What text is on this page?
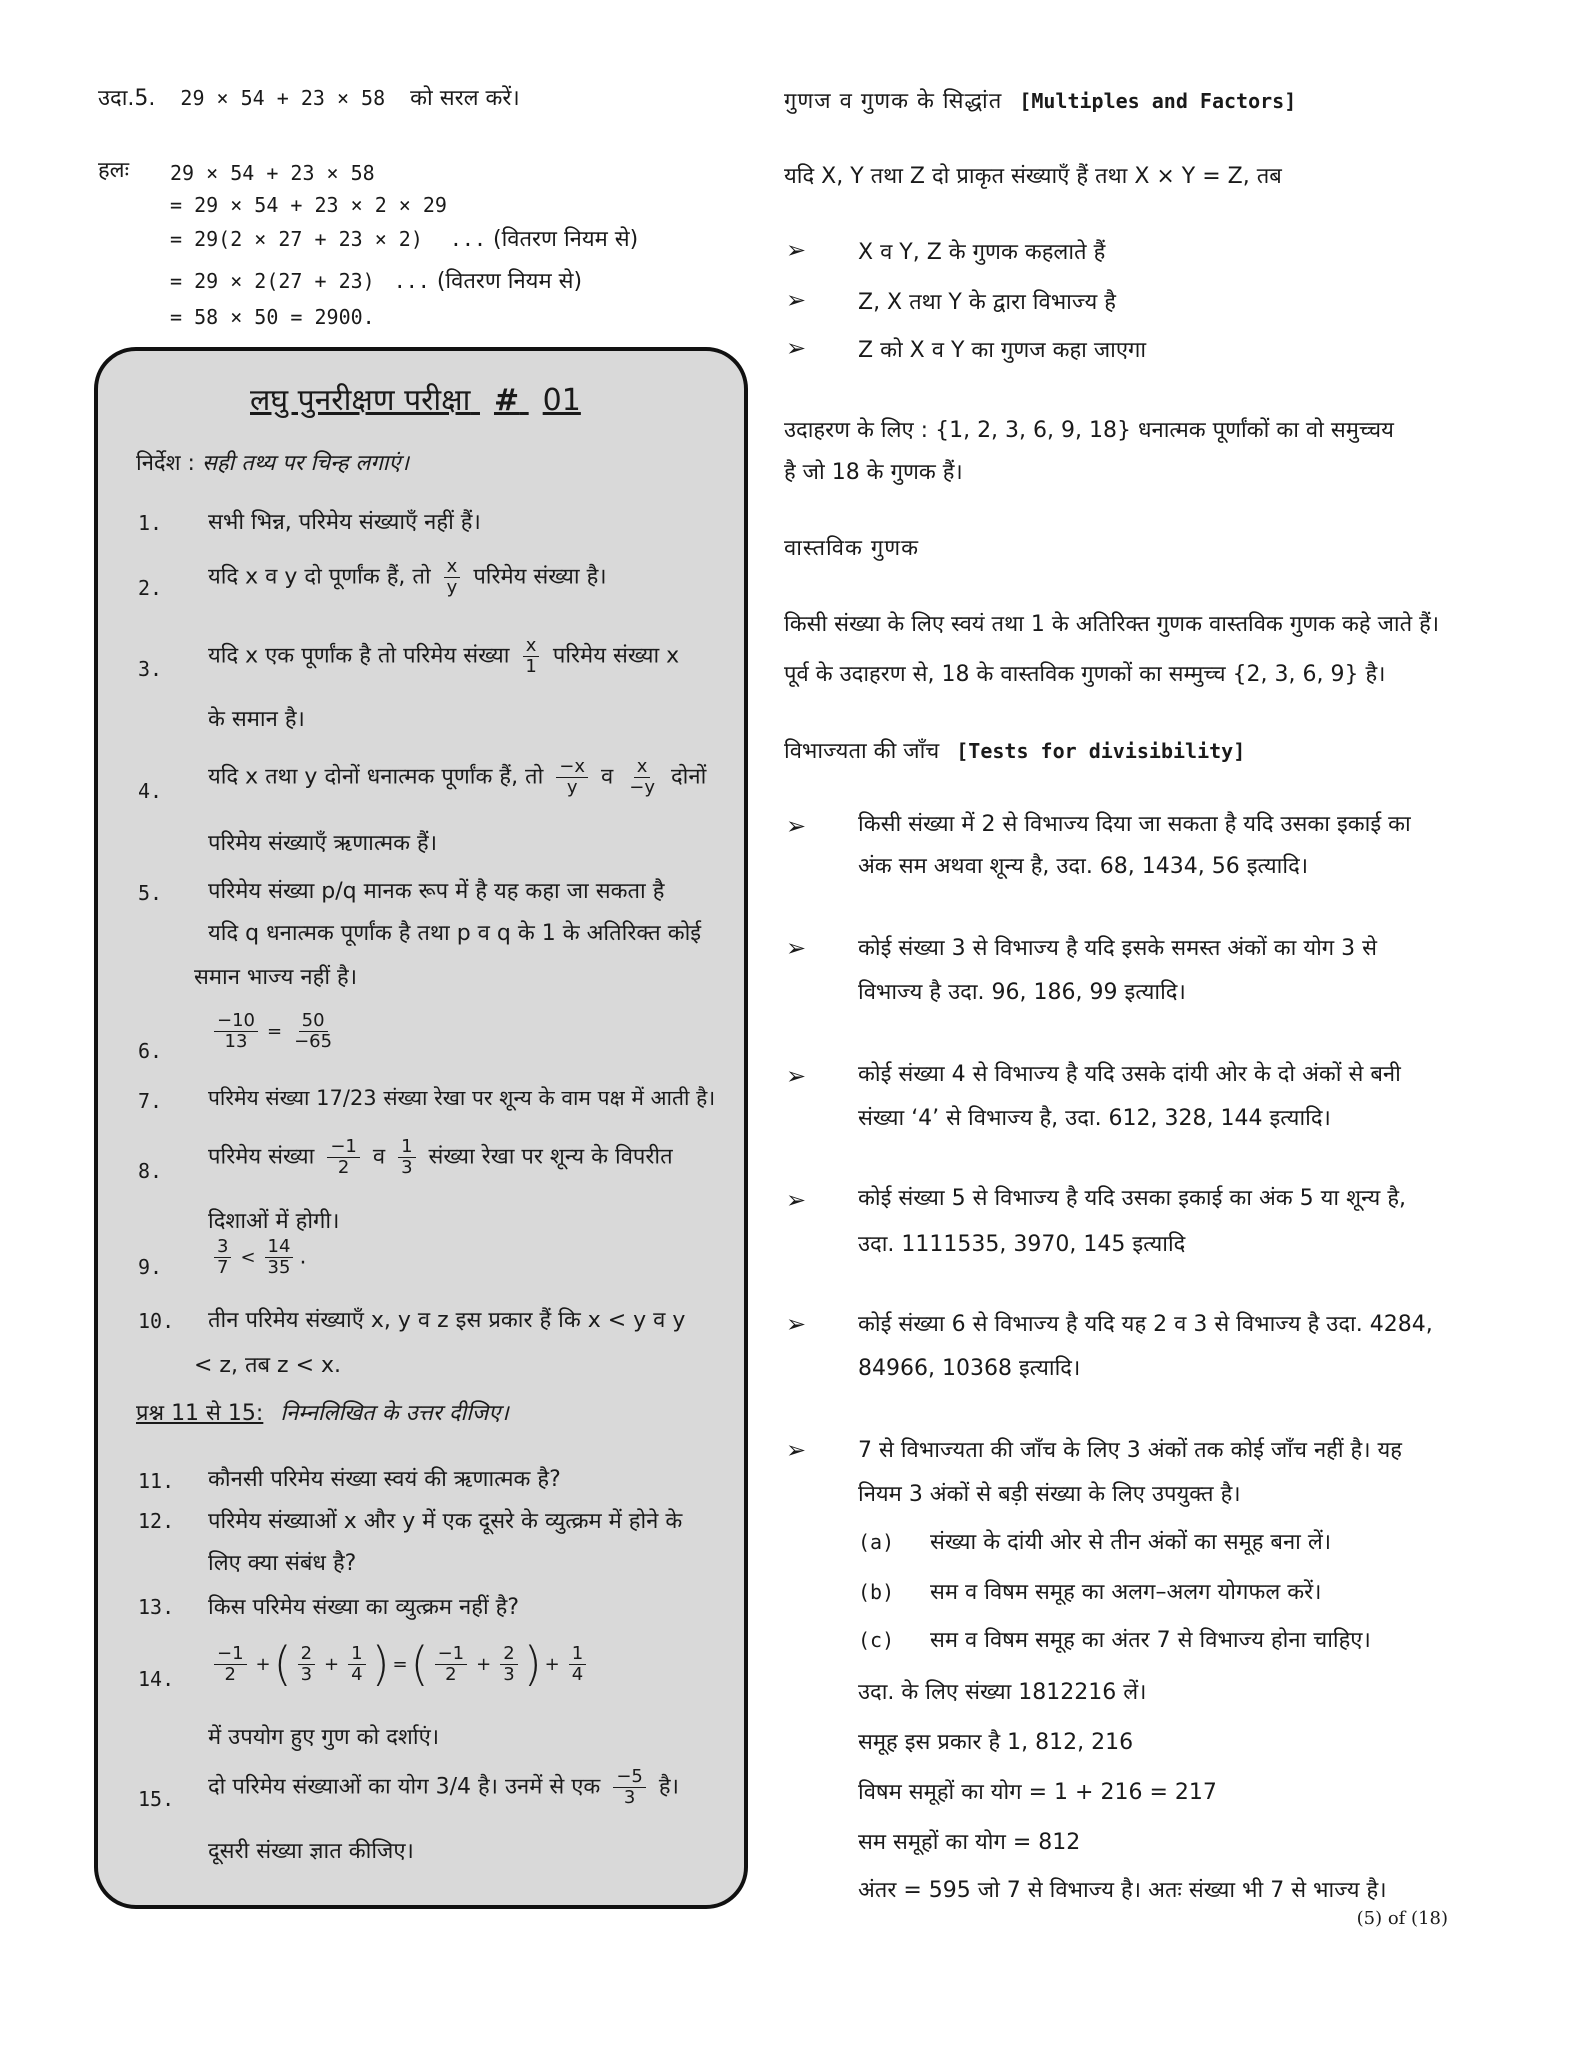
उदा.5. 29 × 54 + 23 × 58 को सरल करें।
हलः 29 × 54 + 23 × 58
= 29 × 54 + 23 × 2 × 29
= 29(2 × 27 + 23 × 2) ... (वितरण नियम से)
= 29 × 2(27 + 23) ... (वितरण नियम से)
= 58 × 50 = 2900.
लघु पुनरीक्षण परीक्षा # 01
निर्देश : सही तथ्य पर चिन्ह लगाएं।
1. सभी भिन्न, परिमेय संख्याएँ नहीं हैं।
2. यदि x व y दो पूर्णांक हैं, तो $\frac{x}{y}$ परिमेय संख्या है।
3.
यदि x एक पूर्णांक है तो परिमेय संख्या $\frac{x}{1}$ परिमेय संख्या x
के समान है।
4.
यदि x तथा y दोनों धनात्मक पूर्णांक हैं, तो $\frac{-x}{y}$ व $\frac{x}{-y}$ दोनों
परिमेय संख्याएँ ऋणात्मक हैं।
5. परिमेय संख्या p/q मानक रूप में है यह कहा जा सकता है
यदि q धनात्मक पूर्णांक है तथा p व q के 1 के अतिरिक्त कोई
समान भाज्य नहीं है।
6.	$\frac{-10}{13} = \frac{50}{-65}$
7. परिमेय संख्या 17/23 संख्या रेखा पर शून्य के वाम पक्ष में आती है।
8.
परिमेय संख्या $\frac{-1}{2}$ व $\frac{1}{3}$ संख्या रेखा पर शून्य के विपरीत
दिशाओं में होगी।
9.	$\frac{3}{7} < \frac{14}{35}$ .
10. तीन परिमेय संख्याएँ x, y व z इस प्रकार हैं कि x < y व y
< z, तब z < x.
प्रश्न 11 से 15: निम्नलिखित के उत्तर दीजिए।
11. कौनसी परिमेय संख्या स्वयं की ऋणात्मक है?
12. परिमेय संख्याओं x और y में एक दूसरे के व्युत्क्रम में होने के
लिए क्या संबंध है?
13. किस परिमेय संख्या का व्युत्क्रम नहीं है?
14. $\frac{-1}{2}$ +( $\frac{2}{3} + \frac{1}{4}$ ) =( $\frac{-1}{2} + \frac{2}{3}$ ) + $\frac{1}{4}$
में उपयोग हुए गुण को दर्शाएं।
15. दो परिमेय संख्याओं का योग 3/4 है। उनमें से एक $\frac{-5}{3}$ है।
दूसरी संख्या ज्ञात कीजिए।
गुणज व गुणक के सिद्धांत [Multiples and Factors]
यदि X, Y तथा Z दो प्राकृत संख्याएँ हैं तथा X × Y = Z, तब
➢ X व Y, Z के गुणक कहलाते हैं
➢ Z, X तथा Y के द्वारा विभाज्य है
➢ Z को X व Y का गुणज कहा जाएगा
उदाहरण के लिए : {1, 2, 3, 6, 9, 18} धनात्मक पूर्णांकों का वो समुच्चय
है जो 18 के गुणक हैं।
वास्तविक गुणक
किसी संख्या के लिए स्वयं तथा 1 के अतिरिक्त गुणक वास्तविक गुणक कहे जाते हैं।
पूर्व के उदाहरण से, 18 के वास्तविक गुणकों का सम्मुच्च {2, 3, 6, 9} है।
विभाज्यता की जाँच [Tests for divisibility]
➢ किसी संख्या में 2 से विभाज्य दिया जा सकता है यदि उसका इकाई का
अंक सम अथवा शून्य है, उदा. 68, 1434, 56 इत्यादि।
➢ कोई संख्या 3 से विभाज्य है यदि इसके समस्त अंकों का योग 3 से
विभाज्य है उदा. 96, 186, 99 इत्यादि।
➢ कोई संख्या 4 से विभाज्य है यदि उसके दांयी ओर के दो अंकों से बनी
संख्या ‘4’ से विभाज्य है, उदा. 612, 328, 144 इत्यादि।
➢ कोई संख्या 5 से विभाज्य है यदि उसका इकाई का अंक 5 या शून्य है,
उदा. 1111535, 3970, 145 इत्यादि
➢ कोई संख्या 6 से विभाज्य है यदि यह 2 व 3 से विभाज्य है उदा. 4284,
84966, 10368 इत्यादि।
➢ 7 से विभाज्यता की जाँच के लिए 3 अंकों तक कोई जाँच नहीं है। यह
नियम 3 अंकों से बड़ी संख्या के लिए उपयुक्त है।
(a) संख्या के दांयी ओर से तीन अंकों का समूह बना लें।
(b) सम व विषम समूह का अलग–अलग योगफल करें।
(c) सम व विषम समूह का अंतर 7 से विभाज्य होना चाहिए।
उदा. के लिए संख्या 1812216 लें।
समूह इस प्रकार है 1, 812, 216
विषम समूहों का योग = 1 + 216 = 217
सम समूहों का योग = 812
अंतर = 595 जो 7 से विभाज्य है। अतः संख्या भी 7 से भाज्य है।
(5) of (18)
